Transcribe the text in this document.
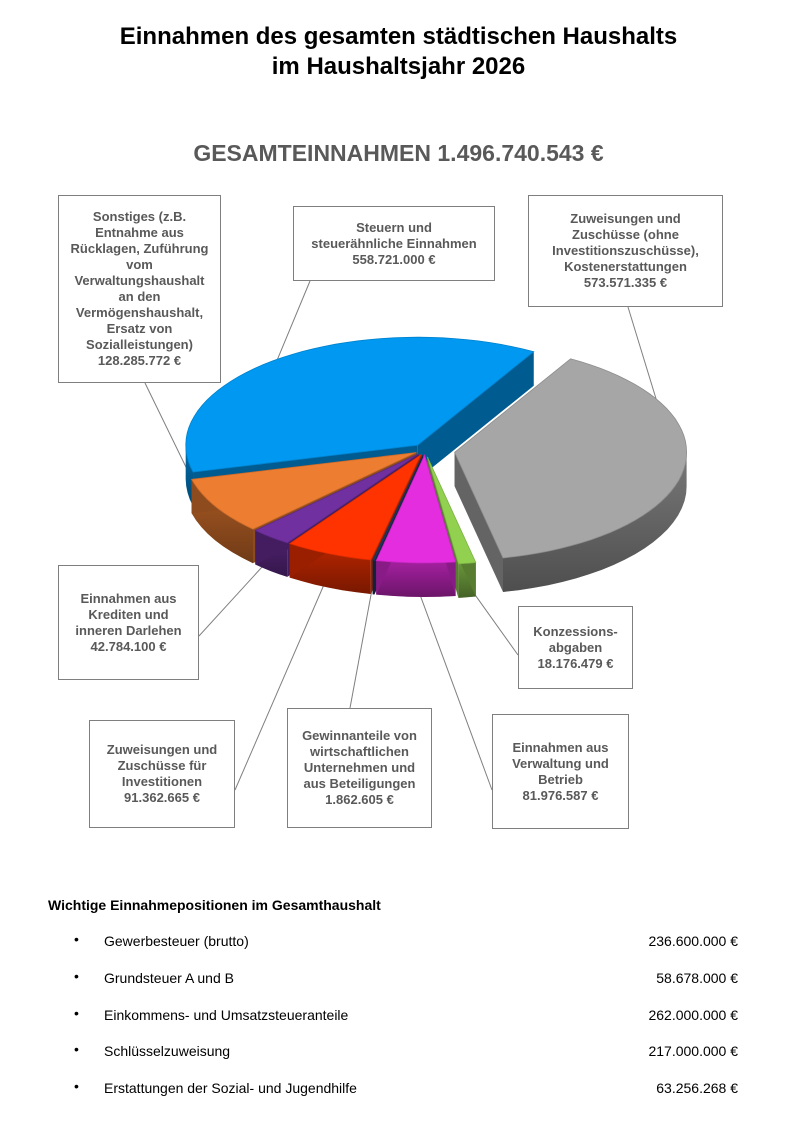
Einnahmen des gesamten städtischen Haushalts
im Haushaltsjahr 2026
GESAMTEINNAHMEN 1.496.740.543 €
Sonstiges (z.B.
Entnahme aus
Rücklagen, Zuführung
vom
Verwaltungshaushalt
an den
Vermögenshaushalt,
Ersatz von
Sozialleistungen)
128.285.772 €
Steuern und
steuerähnliche Einnahmen
558.721.000 €
Zuweisungen und
Zuschüsse (ohne
Investitionszuschüsse),
Kostenerstattungen
573.571.335 €
Konzessions-
abgaben
18.176.479 €
Einnahmen aus
Verwaltung und
Betrieb
81.976.587 €
Gewinnanteile von
wirtschaftlichen
Unternehmen und
aus Beteiligungen
1.862.605 €
Zuweisungen und
Zuschüsse für
Investitionen
91.362.665 €
Einnahmen aus
Krediten und
inneren Darlehen
42.784.100 €
Wichtige Einnahmepositionen im Gesamthaushalt
• Gewerbesteuer (brutto)	236.600.000 €
• Grundsteuer A und B	58.678.000 €
• Einkommens- und Umsatzsteueranteile	262.000.000 €
• Schlüsselzuweisung	217.000.000 €
• Erstattungen der Sozial- und Jugendhilfe	63.256.268 €
